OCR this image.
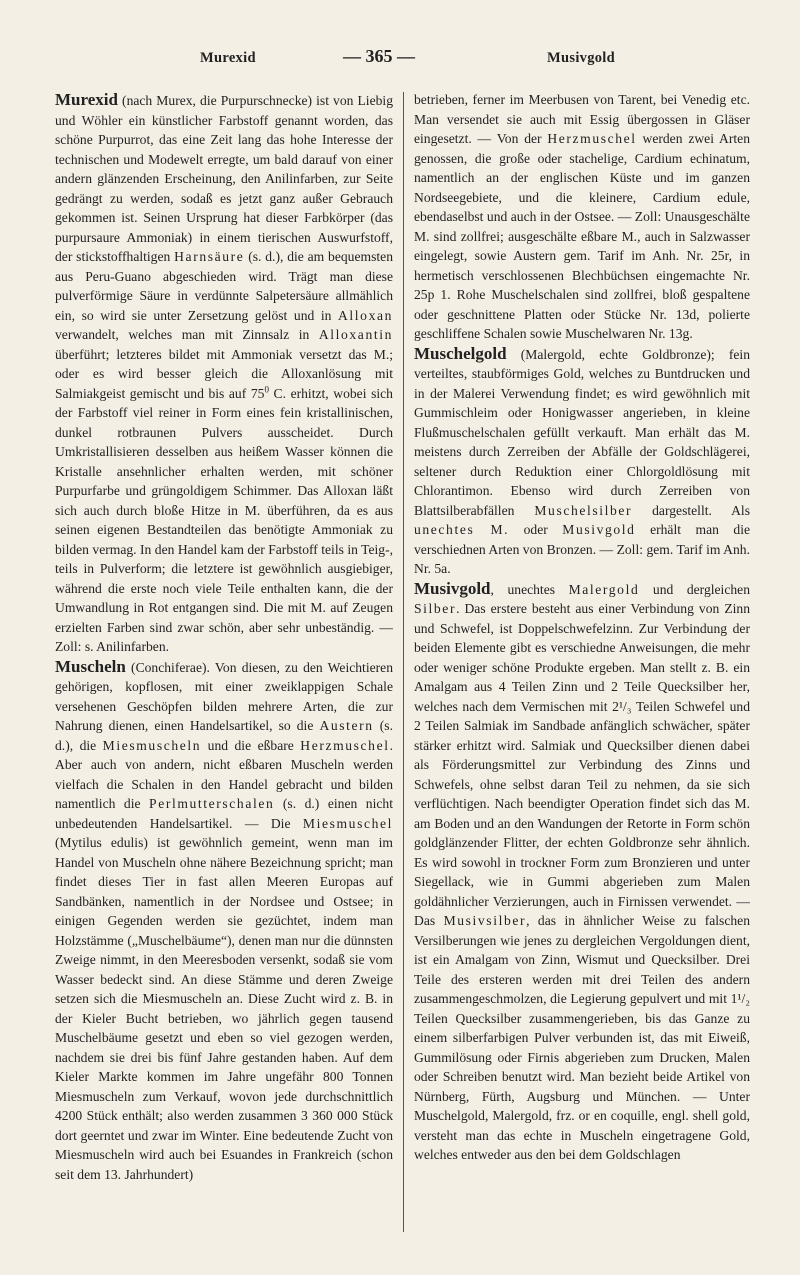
Murexid	— 365 —	Musivgold

Murexid (nach Murex, die Purpurschnecke) ist von Liebig und Wöhler ein künstlicher Farbstoff genannt worden, das schöne Purpurrot, das eine Zeit lang das hohe Interesse der technischen und Modewelt erregte, um bald darauf von einer andern glänzenden Erscheinung, den Anilinfarben, zur Seite gedrängt zu werden, sodaß es jetzt ganz außer Gebrauch gekommen ist. Seinen Ursprung hat dieser Farbkörper (das purpursaure Ammoniak) in einem tierischen Auswurfstoff, der stickstoffhaltigen Harnsäure (s. d.), die am bequemsten aus Peru-Guano abgeschieden wird. Trägt man diese pulverförmige Säure in verdünnte Salpetersäure allmählich ein, so wird sie unter Zersetzung gelöst und in Alloxan verwandelt, welches man mit Zinnsalz in Alloxantin überführt; letzteres bildet mit Ammoniak versetzt das M.; oder es wird besser gleich die Alloxanlösung mit Salmiakgeist gemischt und bis auf $75^0$ C. erhitzt, wobei sich der Farbstoff viel reiner in Form eines fein kristallinischen, dunkel rotbraunen Pulvers ausscheidet. Durch Umkristallisieren desselben aus heißem Wasser können die Kristalle ansehnlicher erhalten werden, mit schöner Purpurfarbe und grüngoldigem Schimmer. Das Alloxan läßt sich auch durch bloße Hitze in M. überführen, da es aus seinen eigenen Bestandteilen das benötigte Ammoniak zu bilden vermag. In den Handel kam der Farbstoff teils in Teig-, teils in Pulverform; die letztere ist gewöhnlich ausgiebiger, während die erste noch viele Teile enthalten kann, die der Umwandlung in Rot entgangen sind. Die mit M. auf Zeugen erzielten Farben sind zwar schön, aber sehr unbeständig. — Zoll: s. Anilinfarben.

Muscheln (Conchiferae). Von diesen, zu den Weichtieren gehörigen, kopflosen, mit einer zweiklappigen Schale versehenen Geschöpfen bilden mehrere Arten, die zur Nahrung dienen, einen Handelsartikel, so die Austern (s. d.), die Miesmuscheln und die eßbare Herzmuschel. Aber auch von andern, nicht eßbaren Muscheln werden vielfach die Schalen in den Handel gebracht und bilden namentlich die Perlmutterschalen (s. d.) einen nicht unbedeutenden Handelsartikel. — Die Miesmuschel (Mytilus edulis) ist gewöhnlich gemeint, wenn man im Handel von Muscheln ohne nähere Bezeichnung spricht; man findet dieses Tier in fast allen Meeren Europas auf Sandbänken, namentlich in der Nordsee und Ostsee; in einigen Gegenden werden sie gezüchtet, indem man Holzstämme („Muschelbäume“), denen man nur die dünnsten Zweige nimmt, in den Meeresboden versenkt, sodaß sie vom Wasser bedeckt sind. An diese Stämme und deren Zweige setzen sich die Miesmuscheln an. Diese Zucht wird z. B. in der Kieler Bucht betrieben, wo jährlich gegen tausend Muschelbäume gesetzt und eben so viel gezogen werden, nachdem sie drei bis fünf Jahre gestanden haben. Auf dem Kieler Markte kommen im Jahre ungefähr 800 Tonnen Miesmuscheln zum Verkauf, wovon jede durchschnittlich 4200 Stück enthält; also werden zusammen 3 360 000 Stück dort geerntet und zwar im Winter. Eine bedeutende Zucht von Miesmuscheln wird auch bei Esuandes in Frankreich (schon seit dem 13. Jahrhundert)

betrieben, ferner im Meerbusen von Tarent, bei Venedig etc. Man versendet sie auch mit Essig übergossen in Gläser eingesetzt. — Von der Herzmuschel werden zwei Arten genossen, die große oder stachelige, Cardium echinatum, namentlich an der englischen Küste und im ganzen Nordseegebiete, und die kleinere, Cardium edule, ebendaselbst und auch in der Ostsee. — Zoll: Unausgeschälte M. sind zollfrei; ausgeschälte eßbare M., auch in Salzwasser eingelegt, sowie Austern gem. Tarif im Anh. Nr. 25r, in hermetisch verschlossenen Blechbüchsen eingemachte Nr. 25p 1. Rohe Muschelschalen sind zollfrei, bloß gespaltene oder geschnittene Platten oder Stücke Nr. 13d, polierte geschliffene Schalen sowie Muschelwaren Nr. 13g.

Muschelgold (Malergold, echte Goldbronze); fein verteiltes, staubförmiges Gold, welches zu Buntdrucken und in der Malerei Verwendung findet; es wird gewöhnlich mit Gummischleim oder Honigwasser angerieben, in kleine Flußmuschelschalen gefüllt verkauft. Man erhält das M. meistens durch Zerreiben der Abfälle der Goldschlägerei, seltener durch Reduktion einer Chlorgoldlösung mit Chlorantimon. Ebenso wird durch Zerreiben von Blattsilberabfällen Muschelsilber dargestellt. Als unechtes M. oder Musivgold erhält man die verschiednen Arten von Bronzen. — Zoll: gem. Tarif im Anh. Nr. 5a.

Musivgold, unechtes Malergold und dergleichen Silber. Das erstere besteht aus einer Verbindung von Zinn und Schwefel, ist Doppelschwefelzinn. Zur Verbindung der beiden Elemente gibt es verschiedne Anweisungen, die mehr oder weniger schöne Produkte ergeben. Man stellt z. B. ein Amalgam aus 4 Teilen Zinn und 2 Teile Quecksilber her, welches nach dem Vermischen mit 2¹/₃ Teilen Schwefel und 2 Teilen Salmiak im Sandbade anfänglich schwächer, später stärker erhitzt wird. Salmiak und Quecksilber dienen dabei als Förderungsmittel zur Verbindung des Zinns und Schwefels, ohne selbst daran Teil zu nehmen, da sie sich verflüchtigen. Nach beendigter Operation findet sich das M. am Boden und an den Wandungen der Retorte in Form schön goldglänzender Flitter, der echten Goldbronze sehr ähnlich. Es wird sowohl in trockner Form zum Bronzieren und unter Siegellack, wie in Gummi abgerieben zum Malen goldähnlicher Verzierungen, auch in Firnissen verwendet. — Das Musivsilber, das in ähnlicher Weise zu falschen Versilberungen wie jenes zu dergleichen Vergoldungen dient, ist ein Amalgam von Zinn, Wismut und Quecksilber. Drei Teile des ersteren werden mit drei Teilen des andern zusammengeschmolzen, die Legierung gepulvert und mit 1¹/₂ Teilen Quecksilber zusammengerieben, bis das Ganze zu einem silberfarbigen Pulver verbunden ist, das mit Eiweiß, Gummilösung oder Firnis abgerieben zum Drucken, Malen oder Schreiben benutzt wird. Man bezieht beide Artikel von Nürnberg, Fürth, Augsburg und München. — Unter Muschelgold, Malergold, frz. or en coquille, engl. shell gold, versteht man das echte in Muscheln eingetragene Gold, welches entweder aus den bei dem Goldschlagen
